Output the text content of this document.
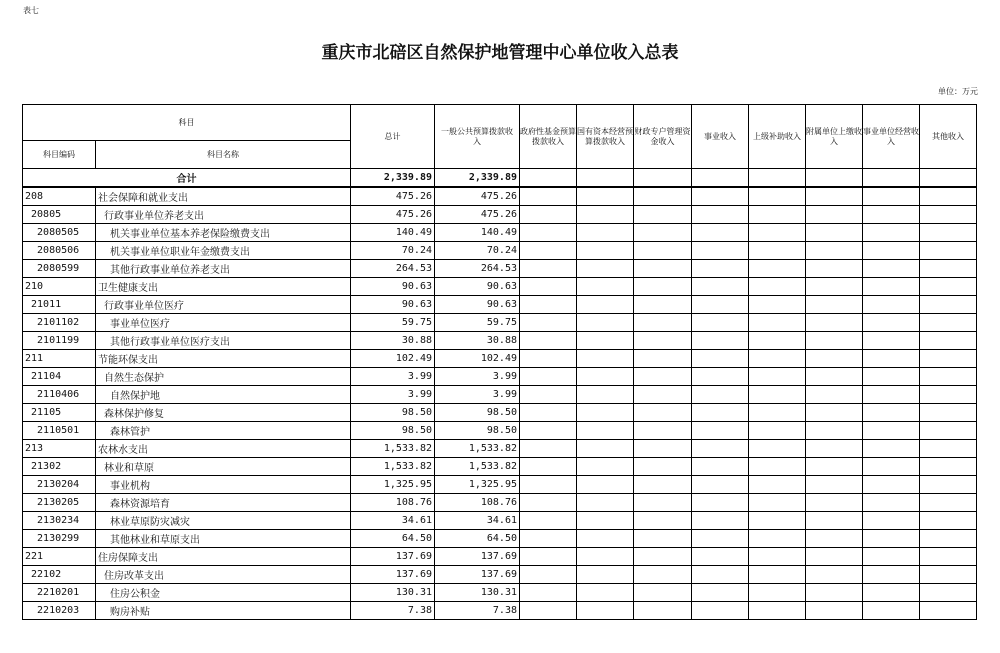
表七
重庆市北碚区自然保护地管理中心单位收入总表
单位：万元
科目		总计	一般公共预算拨款收入	政府性基金预算拨款收入	国有资本经营预算拨款收入	财政专户管理资金收入	事业收入	上级补助收入	附属单位上缴收入	事业单位经营收入	其他收入
科目编码	科目名称										
合计		2,339.89	2,339.89								
208	社会保障和就业支出	475.26	475.26								
20805	行政事业单位养老支出	475.26	475.26								
2080505	机关事业单位基本养老保险缴费支出	140.49	140.49								
2080506	机关事业单位职业年金缴费支出	70.24	70.24								
2080599	其他行政事业单位养老支出	264.53	264.53								
210	卫生健康支出	90.63	90.63								
21011	行政事业单位医疗	90.63	90.63								
2101102	事业单位医疗	59.75	59.75								
2101199	其他行政事业单位医疗支出	30.88	30.88								
211	节能环保支出	102.49	102.49								
21104	自然生态保护	3.99	3.99								
2110406	自然保护地	3.99	3.99								
21105	森林保护修复	98.50	98.50								
2110501	森林管护	98.50	98.50								
213	农林水支出	1,533.82	1,533.82								
21302	林业和草原	1,533.82	1,533.82								
2130204	事业机构	1,325.95	1,325.95								
2130205	森林资源培育	108.76	108.76								
2130234	林业草原防灾减灾	34.61	34.61								
2130299	其他林业和草原支出	64.50	64.50								
221	住房保障支出	137.69	137.69								
22102	住房改革支出	137.69	137.69								
2210201	住房公积金	130.31	130.31								
2210203	购房补贴	7.38	7.38								
